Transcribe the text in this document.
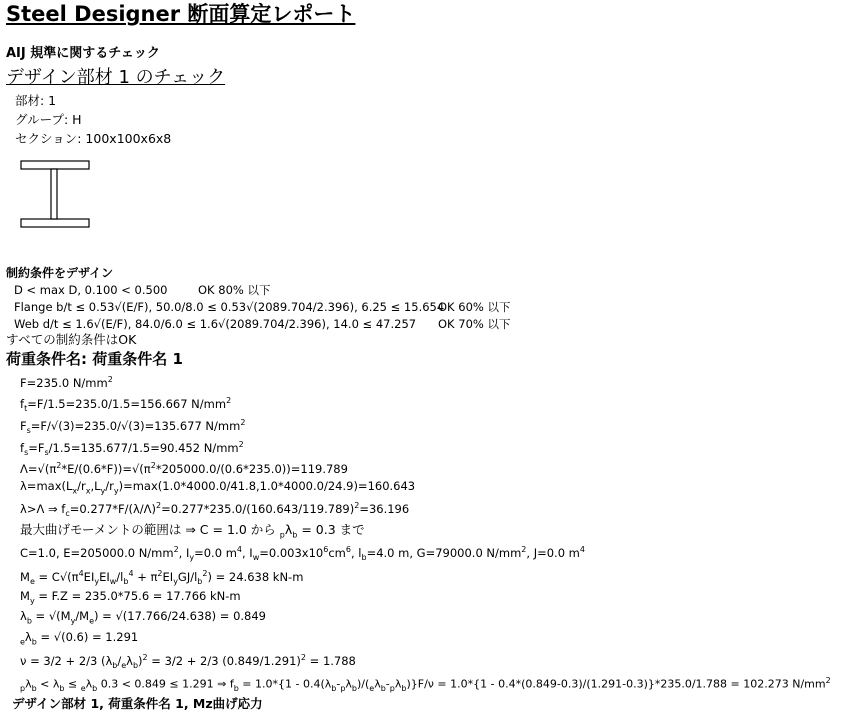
Steel Designer 断面算定レポート
AIJ 規準に関するチェック
デザイン部材 1 のチェック
部材: 1
グループ: H
セクション: 100x100x6x8
制約条件をデザイン
D < max D, 0.100 < 0.500	OK 80% 以下
Flange b/t ≤ 0.53√(E/F), 50.0/8.0 ≤ 0.53√(2089.704/2.396), 6.25 ≤ 15.654
OK 60% 以下
Web d/t ≤ 1.6√(E/F), 84.0/6.0 ≤ 1.6√(2089.704/2.396), 14.0 ≤ 47.257 OK 70% 以下
すべての制約条件はOK
荷重条件名: 荷重条件名 1
F=235.0 $N/mm^2$
$f_t=F/1.5=235.0/1.5=156.667$ $N/mm^2$
$F_s=F/√(3)=235.0/√(3)=135.677$ $N/mm^2$
$f_s=F_s/1.5=135.677/1.5=90.452$ $N/mm^2$
$\Lambda=√(\pi^2*E/(0.6*F))=√(\pi^2*205000.0/(0.6*235.0))=119.789$
$\lambda=\max(L_x/r_x,L_y/r_y)=\max(1.0*4000.0/41.8,1.0*4000.0/24.9)=160.643$
λ>Λ ⇒ $f_c=0.277*F/(\lambda/\Lambda)^2=0.277*235.0/(160.643/119.789)^2=36.196$
最大曲げモーメントの範囲は ⇒ C = 1.0 から $_p\lambda_b = 0.3$ まで
C=1.0, E=205000.0 $N/mm^2$, $I_y=0.0$ $m^4$, $I_w=0.003x10^6cm^6$, $l_b=4.0$ m, G=79000.0 $N/mm^2$, J=0.0 $m^4$
$M_e = C√(\pi^4EI_yEI_w/l_b^4 + \pi^2EI_yGJ/l_b^2) = 24.638$ kN-m
$M_y = F.Z = 235.0*75.6 = 17.766$ kN-m
$\lambda_b = √(M_y/M_e) = √(17.766/24.638) = 0.849$
$_e\lambda_b = √(0.6) = 1.291$
ν = 3/2 + 2/3 $(\lambda_b/_e\lambda_b)^2 = 3/2 + 2/3$ $(0.849/1.291)^2 = 1.788$
$_p\lambda_b < \lambda_b \le _e\lambda_b$ 0.3 < 0.849 ≤ 1.291 ⇒ $f_b = 1.0*\{1 - 0.4(\lambda_b-_p\lambda_b)/(_e\lambda_b-_p\lambda_b)\}F/\nu = 1.0*\{1 - 0.4*(0.849-0.3)/(1.291-0.3)\}*235.0/1.788 = 102.273$ $N/mm^2$
デザイン部材 1, 荷重条件名 1, Mz曲げ応力
